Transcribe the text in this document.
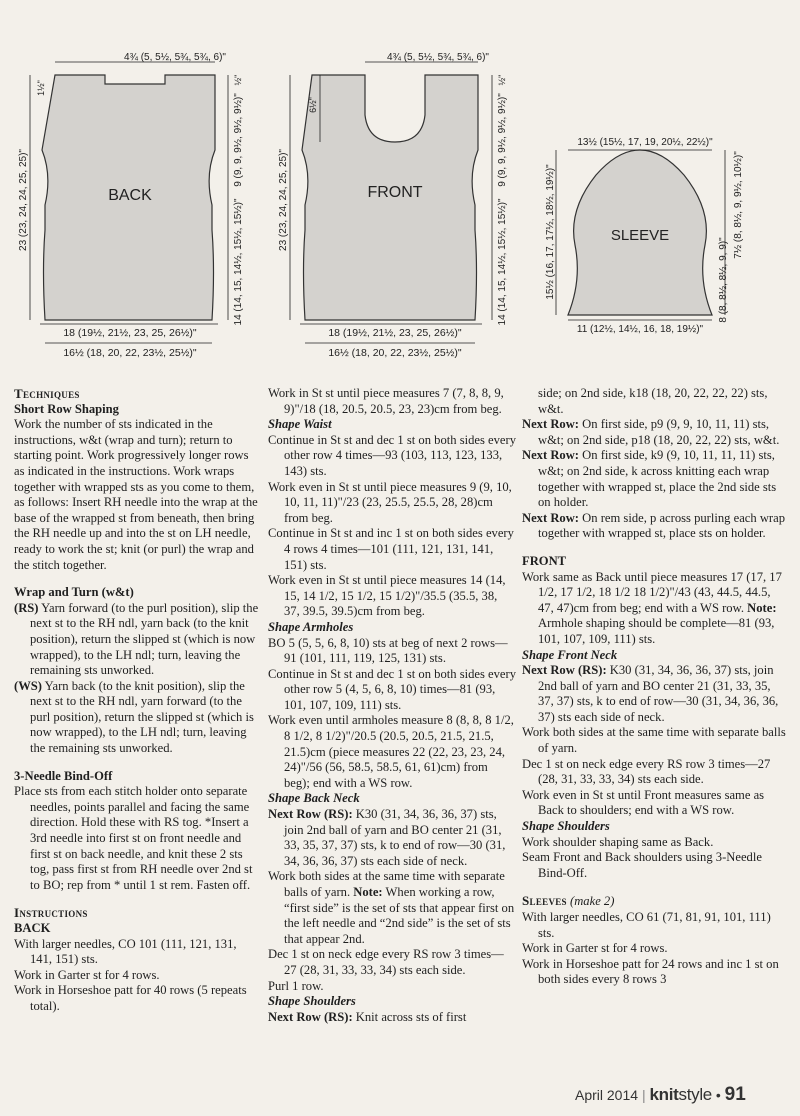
BACK
4¾ (5, 5½, 5¾, 5¾, 6)"
23 (23, 24, 24, 25, 25)"
1½"
½"
9 (9, 9, 9½, 9½, 9½)"
14 (14, 15, 14½, 15½, 15½)"
18 (19½, 21½, 23, 25, 26½)"
16½ (18, 20, 22, 23½, 25½)"
FRONT
4¾ (5, 5½, 5¾, 5¾, 6)"
23 (23, 24, 24, 25, 25)"
6½"
½"
9 (9, 9, 9½, 9½, 9½)"
14 (14, 15, 14½, 15½, 15½)"
18 (19½, 21½, 23, 25, 26½)"
16½ (18, 20, 22, 23½, 25½)"
SLEEVE
13½ (15½, 17, 19, 20½, 22½)"
15½ (16, 17, 17½, 18½, 19½)"	7½ (8, 8½, 9, 9½, 10½)"
8 (8, 8½, 8½, 9, 9)"
11 (12½, 14½, 16, 18, 19½)"

Techniques

Short Row Shaping

Work the number of sts indicated in the instructions, w&t (wrap and turn); return to starting point. Work progressively longer rows as indicated in the instructions. Work wraps together with wrapped sts as you come to them, as follows: Insert RH needle into the wrap at the base of the wrapped st from beneath, then bring the RH needle up and into the st on LH needle, ready to work the st; knit (or purl) the wrap and the stitch together.

Wrap and Turn (w&t)

(RS) Yarn forward (to the purl position), slip the next st to the RH ndl, yarn back (to the knit position), return the slipped st (which is now wrapped), to the LH ndl; turn, leaving the remaining sts unworked.

(WS) Yarn back (to the knit position), slip the next st to the RH ndl, yarn forward (to the purl position), return the slipped st (which is now wrapped), to the LH ndl; turn, leaving the remaining sts unworked.

3-Needle Bind-Off

Place sts from each stitch holder onto separate needles, points parallel and facing the same direction. Hold these with RS tog. *Insert a 3rd needle into first st on front needle and first st on back needle, and knit these 2 sts tog, pass first st from RH needle over 2nd st to BO; rep from * until 1 st rem. Fasten off.

Instructions

BACK

With larger needles, CO 101 (111, 121, 131, 141, 151) sts.

Work in Garter st for 4 rows.

Work in Horseshoe patt for 40 rows (5 repeats total).

Work in St st until piece measures 7 (7, 8, 8, 9, 9)"/18 (18, 20.5, 20.5, 23, 23)cm from beg.

Shape Waist

Continue in St st and dec 1 st on both sides every other row 4 times—93 (103, 113, 123, 133, 143) sts.

Work even in St st until piece measures 9 (9, 10, 10, 11, 11)"/23 (23, 25.5, 25.5, 28, 28)cm from beg.

Continue in St st and inc 1 st on both sides every 4 rows 4 times—101 (111, 121, 131, 141, 151) sts.

Work even in St st until piece measures 14 (14, 15, 14 1/2, 15 1/2, 15 1/2)"/35.5 (35.5, 38, 37, 39.5, 39.5)cm from beg.

Shape Armholes

BO 5 (5, 5, 6, 8, 10) sts at beg of next 2 rows—91 (101, 111, 119, 125, 131) sts.

Continue in St st and dec 1 st on both sides every other row 5 (4, 5, 6, 8, 10) times—81 (93, 101, 107, 109, 111) sts.

Work even until armholes measure 8 (8, 8, 8 1/2, 8 1/2, 8 1/2)"/20.5 (20.5, 20.5, 21.5, 21.5, 21.5)cm (piece measures 22 (22, 23, 23, 24, 24)"/56 (56, 58.5, 58.5, 61, 61)cm) from beg); end with a WS row.

Shape Back Neck

Next Row (RS): K30 (31, 34, 36, 36, 37) sts, join 2nd ball of yarn and BO center 21 (31, 33, 35, 37, 37) sts, k to end of row—30 (31, 34, 36, 36, 37) sts each side of neck.

Work both sides at the same time with separate balls of yarn. Note: When working a row, “first side” is the set of sts that appear first on the left needle and “2nd side” is the set of sts that appear 2nd.

Dec 1 st on neck edge every RS row 3 times—27 (28, 31, 33, 33, 34) sts each side.

Purl 1 row.

Shape Shoulders

Next Row (RS): Knit across sts of first

side; on 2nd side, k18 (18, 20, 22, 22, 22) sts, w&t.

Next Row: On first side, p9 (9, 9, 10, 11, 11) sts, w&t; on 2nd side, p18 (18, 20, 22, 22) sts, w&t.

Next Row: On first side, k9 (9, 10, 11, 11, 11) sts, w&t; on 2nd side, k across knitting each wrap together with wrapped st, place the 2nd side sts on holder.

Next Row: On rem side, p across purling each wrap together with wrapped st, place sts on holder.

FRONT

Work same as Back until piece measures 17 (17, 17 1/2, 17 1/2, 18 1/2 18 1/2)"/43 (43, 44.5, 44.5, 47, 47)cm from beg; end with a WS row. Note: Armhole shaping should be complete—81 (93, 101, 107, 109, 111) sts.

Shape Front Neck

Next Row (RS): K30 (31, 34, 36, 36, 37) sts, join 2nd ball of yarn and BO center 21 (31, 33, 35, 37, 37) sts, k to end of row—30 (31, 34, 36, 36, 37) sts each side of neck.

Work both sides at the same time with separate balls of yarn.

Dec 1 st on neck edge every RS row 3 times—27 (28, 31, 33, 33, 34) sts each side.

Work even in St st until Front measures same as Back to shoulders; end with a WS row.

Shape Shoulders

Work shoulder shaping same as Back.

Seam Front and Back shoulders using 3-Needle Bind-Off.

Sleeves (make 2)

With larger needles, CO 61 (71, 81, 91, 101, 111) sts.

Work in Garter st for 4 rows.

Work in Horseshoe patt for 24 rows and inc 1 st on both sides every 8 rows 3

April 2014 | knitstyle • 91
